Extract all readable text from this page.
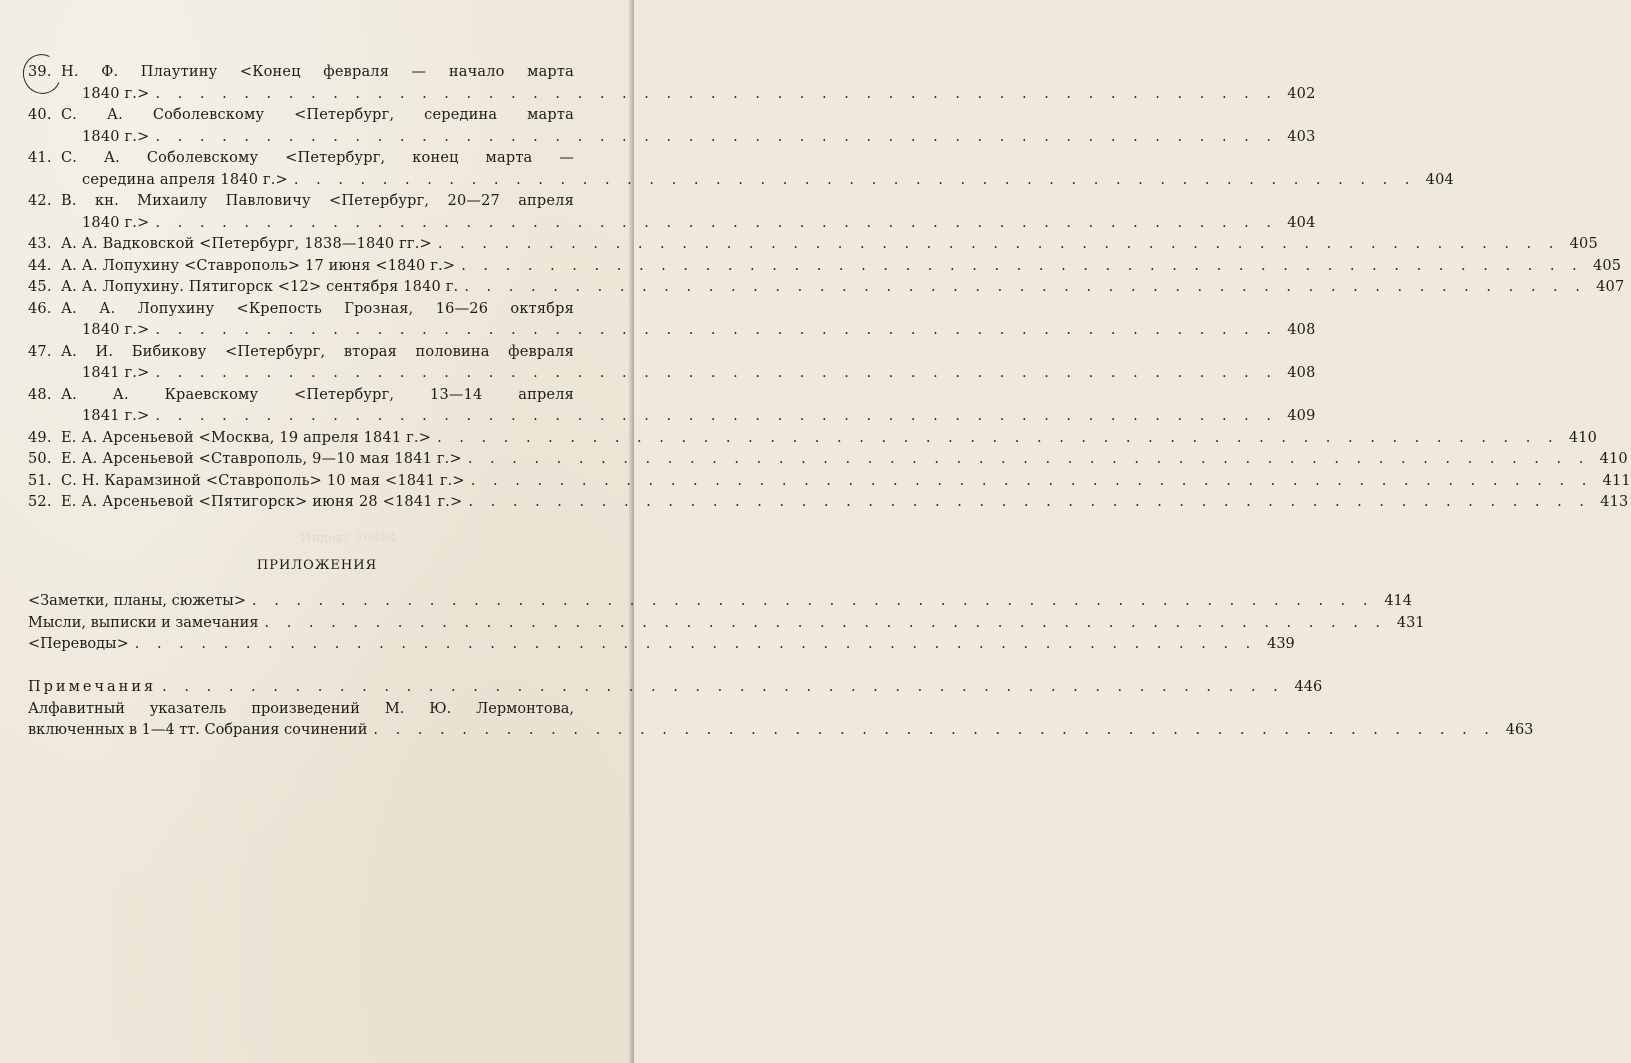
Индекс 70484
39. Н. Ф. Плаутину <Конец февраля — начало марта
1840 г.> . . .	402
40. С. А. Соболевскому <Петербург, середина марта
1840 г.> . . .	403
41. С. А. Соболевскому <Петербург, конец марта —
середина апреля 1840 г.> . . .	404
42. В. кн. Михаилу Павловичу <Петербург, 20—27 апреля
1840 г.> . . .	404
43. А. А. Вадковской <Петербург, 1838—1840 гг.> . . .	405
44. А. А. Лопухину <Ставрополь> 17 июня <1840 г.> . . .	405
45. А. А. Лопухину. Пятигорск <12> сентября 1840 г. . . .	407
46. А. А. Лопухину <Крепость Грозная, 16—26 октября
1840 г.> . . .	408
47. А. И. Бибикову <Петербург, вторая половина февраля
1841 г.> . . .	408
48. А. А. Краевскому <Петербург, 13—14 апреля
1841 г.> . . .	409
49. Е. А. Арсеньевой <Москва, 19 апреля 1841 г.> . . .	410
50. Е. А. Арсеньевой <Ставрополь, 9—10 мая 1841 г.> . . .	410
51. С. Н. Карамзиной <Ставрополь> 10 мая <1841 г.> . . .	411
52. Е. А. Арсеньевой <Пятигорск> июня 28 <1841 г.> . . .	413
ПРИЛОЖЕНИЯ
<Заметки, планы, сюжеты> . . .	414
Мысли, выписки и замечания . . .	431
<Переводы> . . .	439
Примечания . . .	446
Алфавитный указатель произведений М. Ю. Лермонтова,
включенных в 1—4 тт. Собрания сочинений . . .	463
